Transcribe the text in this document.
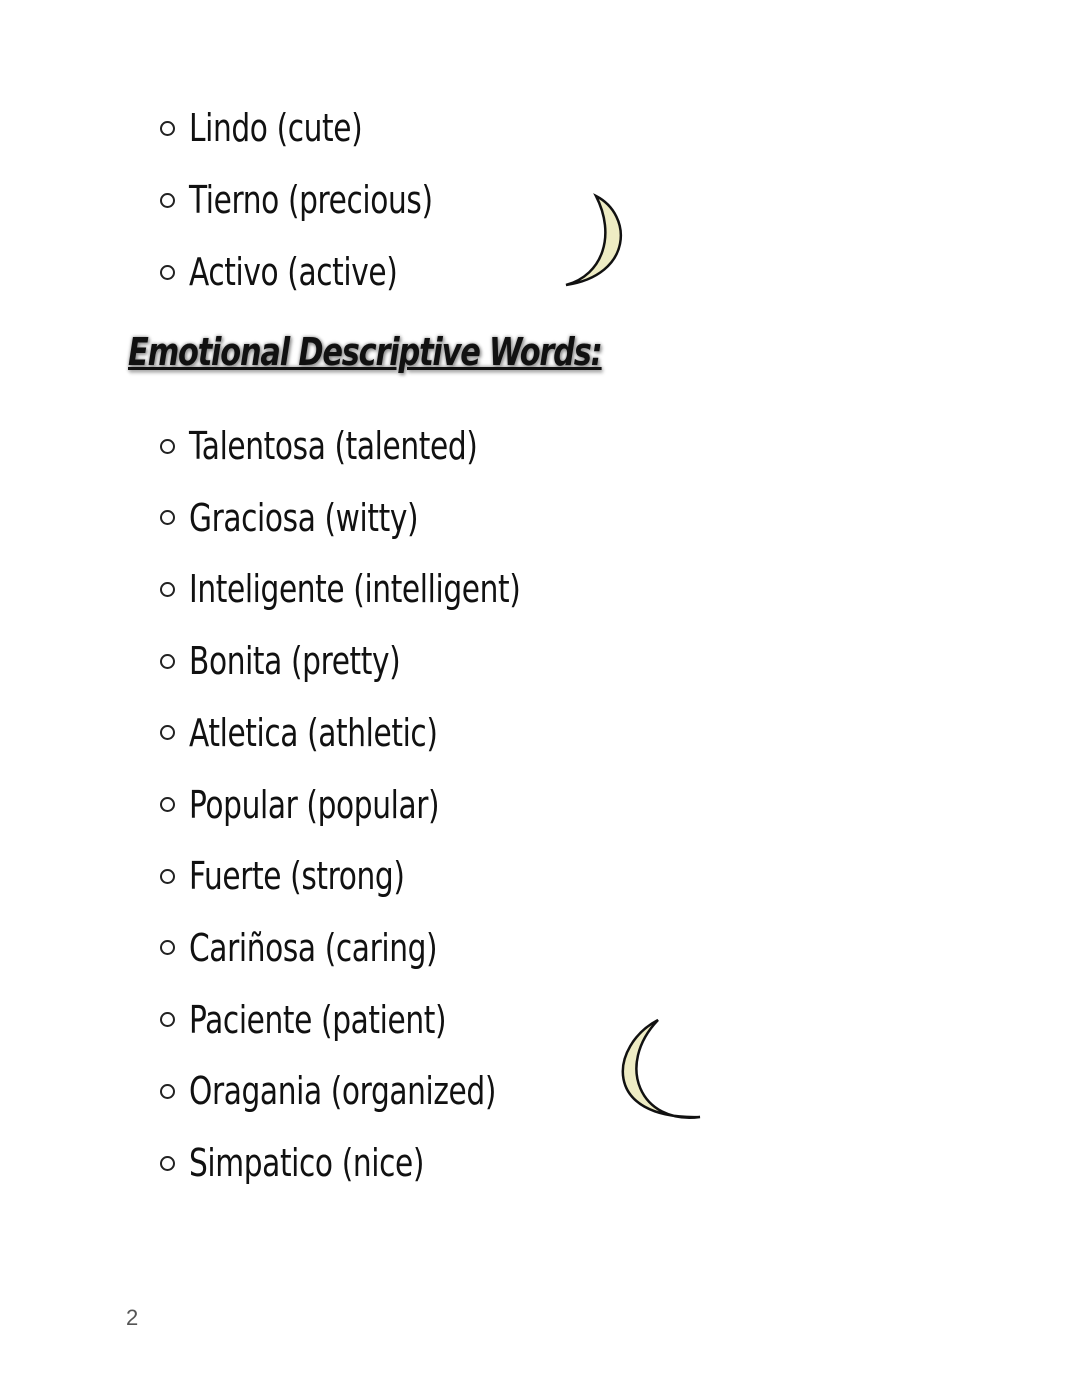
Lindo (cute)
Tierno (precious)
Activo (active)
Emotional Descriptive Words:
Talentosa (talented)
Graciosa (witty)
Inteligente (intelligent)
Bonita (pretty)
Atletica (athletic)
Popular (popular)
Fuerte (strong)
Cariñosa (caring)
Paciente (patient)
Oragania (organized)
Simpatico (nice)
2
